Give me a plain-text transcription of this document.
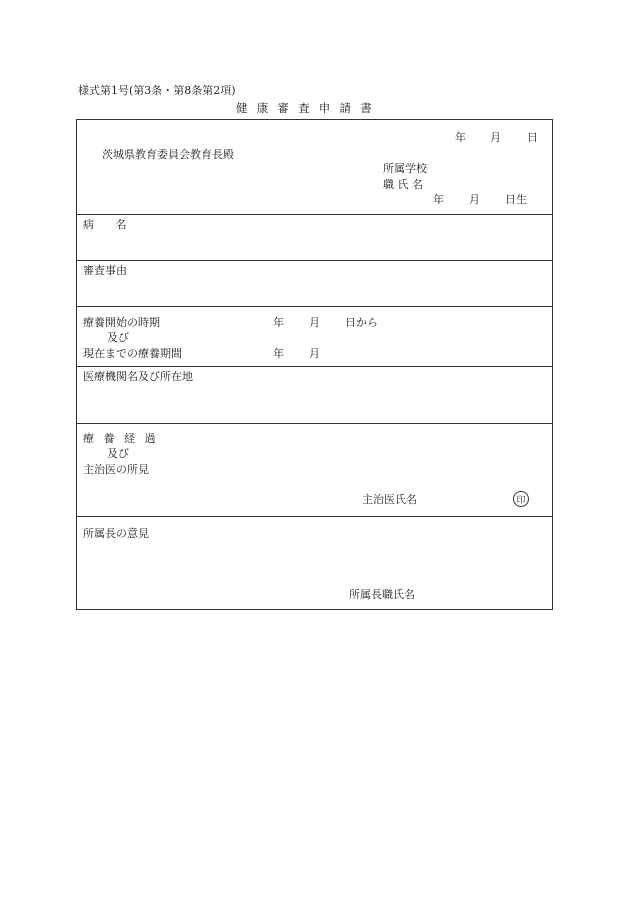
様式第1号(第3条・第8条第2項)
健康審査申請書
年 月 日
茨城県教育委員会教育長殿
所属学校
職 氏 名
年 月 日生
病 名
審査事由
療養開始の時期	年 月 日から
及び
現在までの療養期間	年 月
医療機関名及び所在地
療 養 経 過
及び
主治医の所見
主治医氏名	印
所属長の意見
所属長職氏名
